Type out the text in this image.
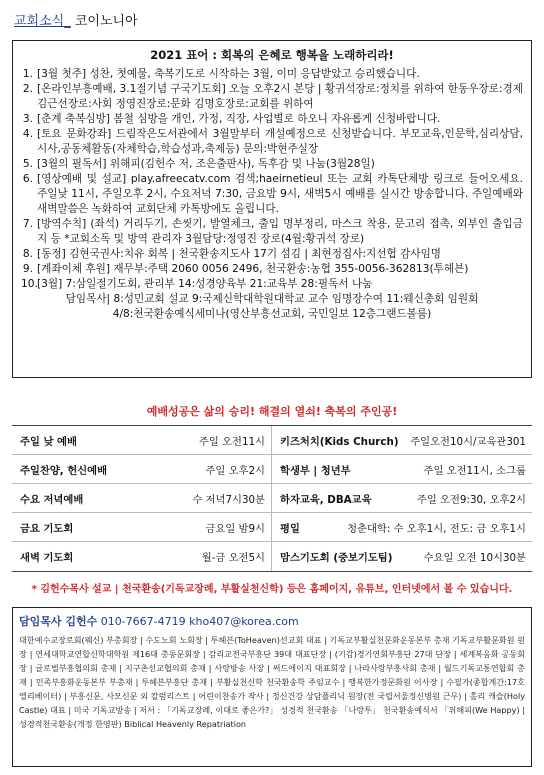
교회소식_ 코이노니아
2021 표어 : 회복의 은혜로 행복을 노래하리라!
1. [3월 첫주] 성찬, 첫예물, 축복기도로 시작하는 3월, 이미 응답받았고 승리했습니다.
2. [온라인부흥예배, 3.1절기념 구국기도회] 오늘 오후2시 본당 | 황귀석장로:정치를 위하여 한동우장로:경제 김근선장로:사회 정영진장로:문화 김명호장로:교회를 위하여
3. [춘계 축복심방] 봄철 심방을 개인, 가정, 직장, 사업별로 하오니 자유롭게 신청바랍니다.
4. [토요 문화강좌] 드림작은도서관에서 3월말부터 개설예정으로 신청받습니다. 부모교육,인문학,심리상담,시사,공동체활동(자체학습,학습성과,축제등) 문의:박현주실장
5. [3월의 필독서] 위해피(김헌수 저, 조은출판사), 독후감 및 나눔(3월28일)
6. [영상예배 및 설교] play.afreecatv.com 검색;haeirnetieul 또는 교회 카톡단체방 링크로 들어오세요. 주일낮 11시, 주일오후 2시, 수요저녁 7:30, 금요밤 9시, 새벽5시 예배를 실시간 방송합니다. 주일예배와 새벽말씀은 녹화하여 교회단체 카톡방에도 올립니다.
7. [방역수칙] (좌석) 거리두기, 손씻기, 발열체크, 출입 명부정리, 마스크 착용, 문고리 접촉, 외부인 출입금지 등 *교회소독 및 방역 관리자 3월담당:정영진 장로(4월:황귀석 장로)
8. [동정] 김현국권사:치유 회복 | 천국환송지도사 17기 섬김 | 최현정집사:지선협 감사임명
9. [계좌이체 후원] 재무부:주택 2060 0056 2496, 천국환송:농협 355-0056-362813(투헤븐)
10. [3월] 7:삼일절기도회, 관리부 14:성경양육부 21:교육부 28:필독서 나눔
담임목사| 8:성민교회 설교 9:국제신학대학원대학교 교수 임명장수여 11:웨신총회 임원회
4/8:천국환송예식세미나(영산부흥선교회, 국민일보 12층그랜드볼룸)
예배성공은 삶의 승리! 해결의 열쇠! 축복의 주인공!
주일 낮 예배	주일 오전11시 키즈처치(Kids Church) 주일오전10시/교육관301
주일찬양, 헌신예배	주일 오후2시 학생부 | 청년부	주일 오전11시, 소그룹
수요 저녁예배	수 저녁7시30분 하자교육, DBA교육	주일 오전9:30, 오후2시
금요 기도회	금요일 밤9시 평일	청춘대학: 수 오후1시, 전도: 금 오후1시
새벽 기도회	월-금 오전5시 맘스기도회 (중보기도팀)	수요일 오전 10시30분
* 김헌수목사 설교 | 천국환송(기독교장례, 부활실천신학) 등은 홈페이지, 유튜브, 인터넷에서 볼 수 있습니다.
담임목사 김헌수 010-7667-4719 kho407@korea.com
대한예수교장로회(웨신) 부총회장 | 수도노회 노회장 | 투헤븐(ToHeaven)선교회 대표 | 기독교부활실천문화운동본부 총재 기독교부활문화원 원장 | 연세대학교연합신학대학원 제16대 총동문회장 | 감리교전국부흥단 39대 대표단장 | (기감)경기연회부흥단 27대 단장 | 세계복음화 공동회장 | 글로벌부흥협의회 총재 | 지구촌선교협의회 총재 | 사랑방송 사장 | 써드에이지 대표회장 | 나라사랑부흥사회 총재 | 월드기독교통연합회 총재 | 민족부흥화운동본부 부총재 | 투헤븐부흥단 총재 | 부활실천신학 천국환송학 주임교수 | 행복한가정문화원 이사장 | 수필가(종합계간:17호 엘리베이터) | 부흥신문, 사모신문 외 칼럼리스트 | 어린이찬송가 작사 | 정신건강 상담플리닉 원장(전 국립서울정신병원 근무) | 홀리 캐슬(Holy Castle) 대표 | 미국 기독교방송 | 저서 : 「기독교장례, 이대로 좋은가?」 성경적 천국환송 「나랑투」 천국환송예식서 「위해피(We Happy) | 성경적천국환송(개정 한영판) Biblical Heavenly Repatriation
